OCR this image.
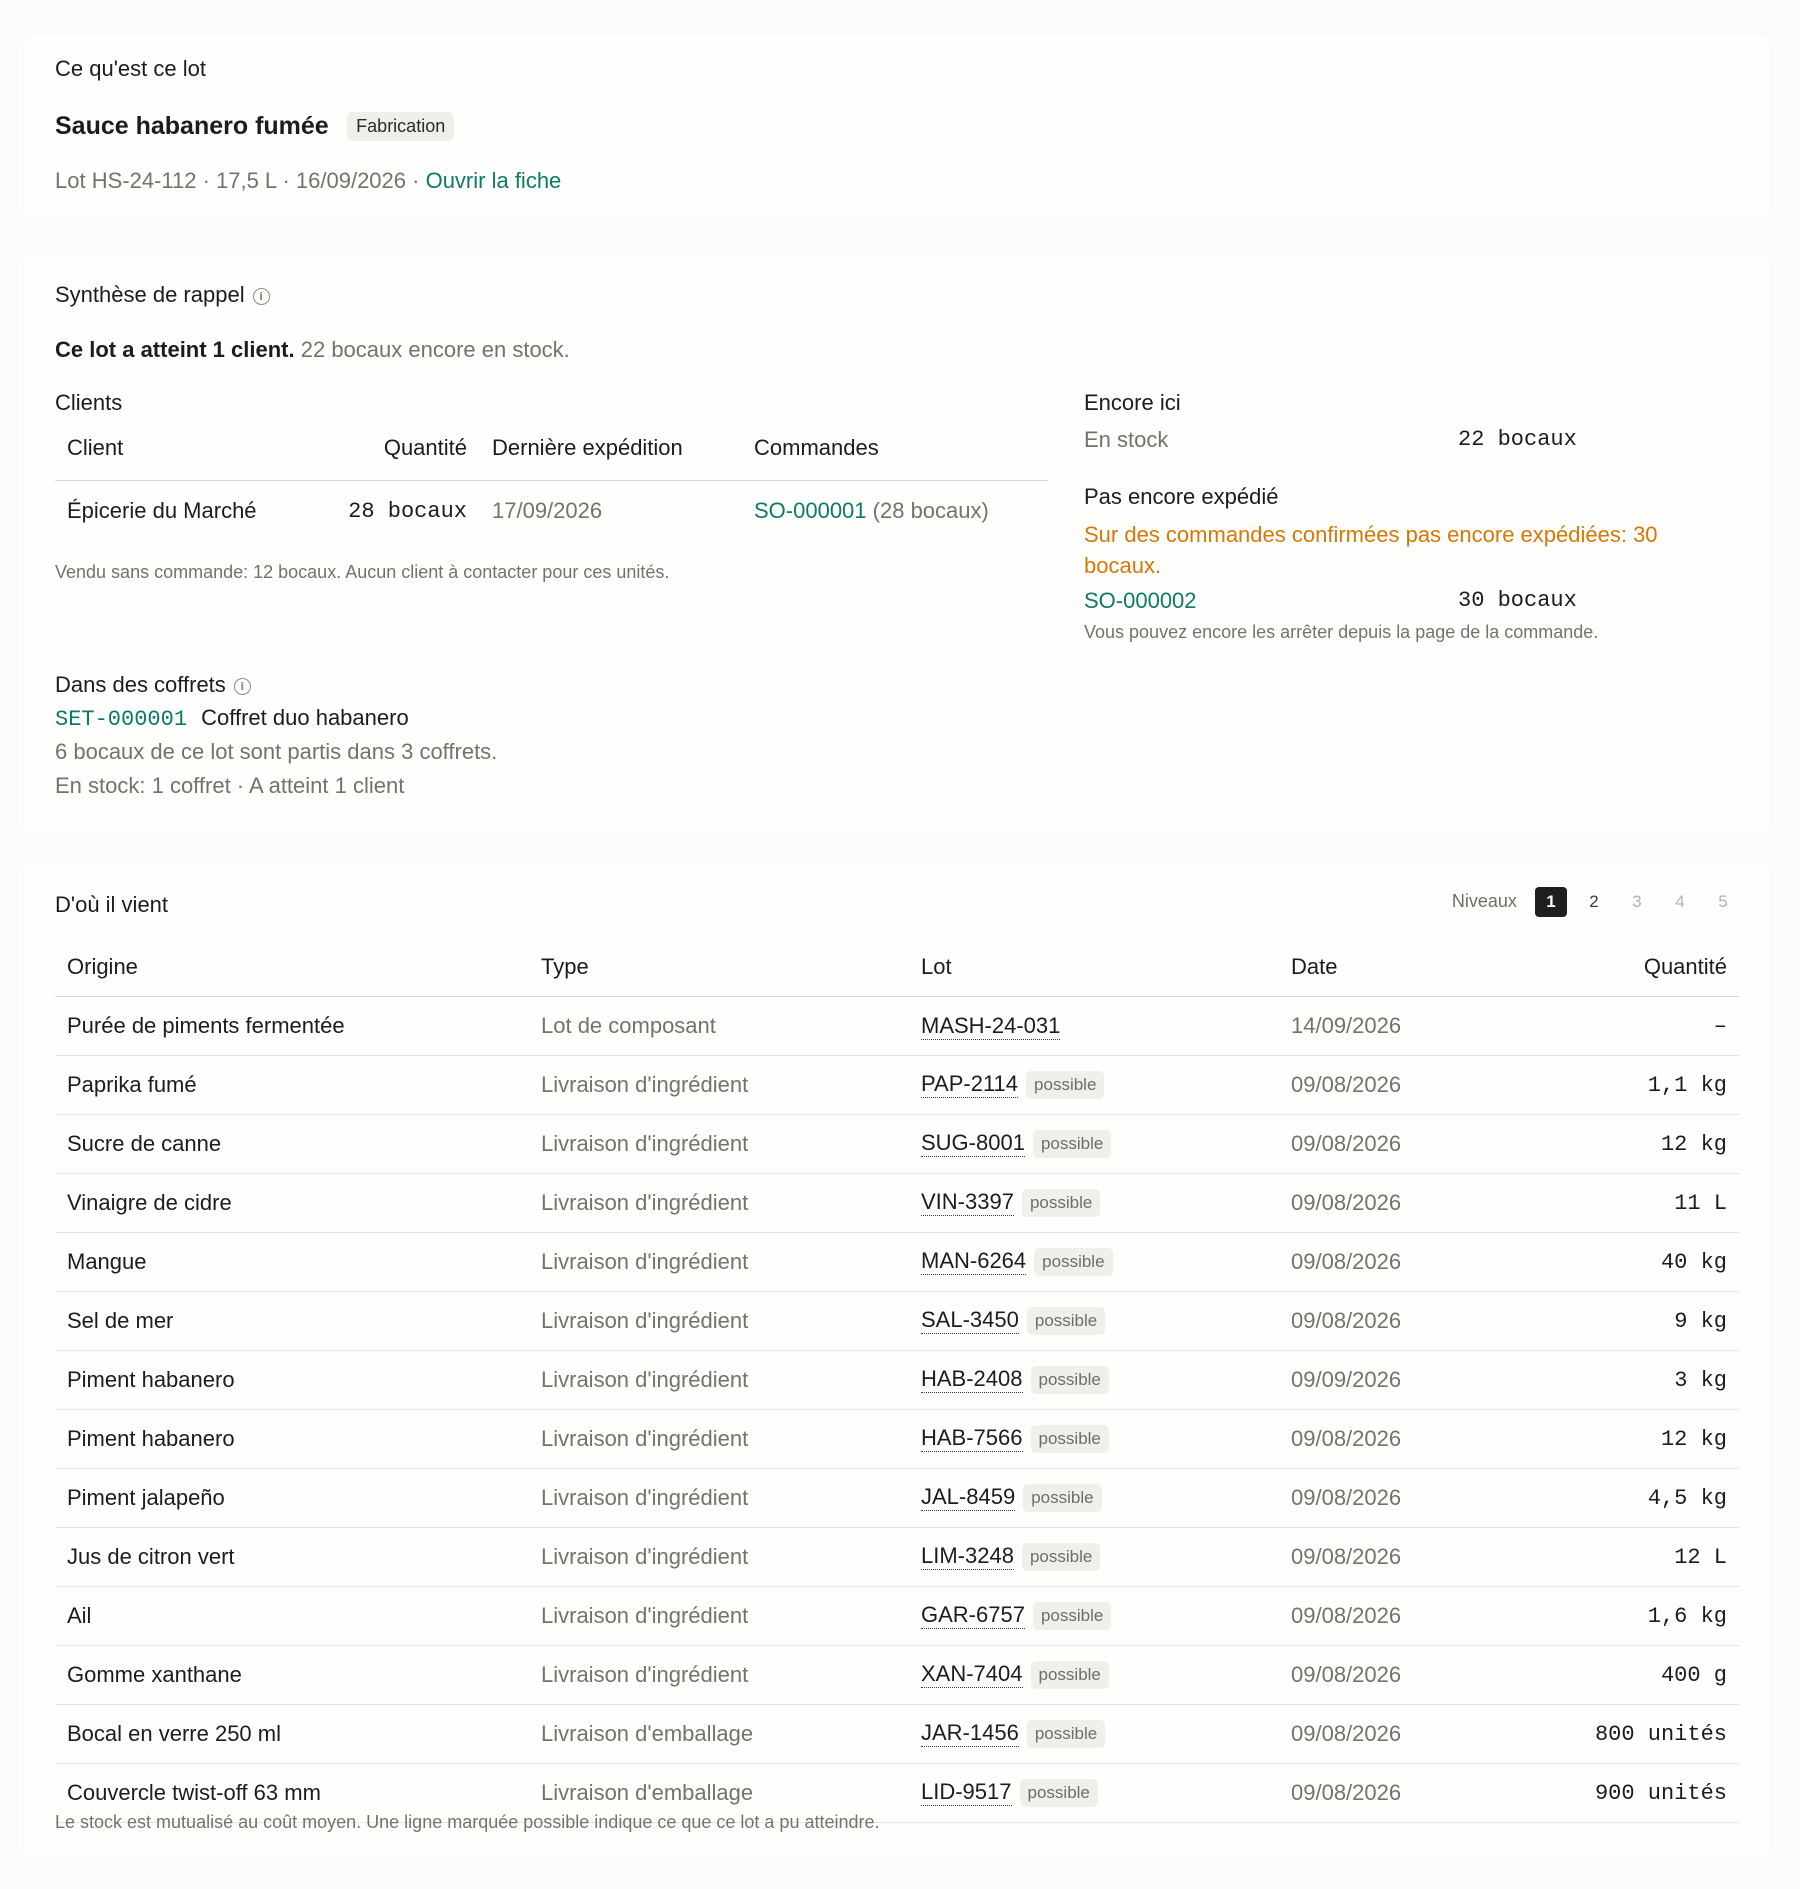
Ce qu'est ce lot
Sauce habanero fumée Fabrication
Lot HS-24-112 · 17,5 L · 16/09/2026 · Ouvrir la fiche
Synthèse de rappel i
Ce lot a atteint 1 client. 22 bocaux encore en stock.
Clients
Client	Quantité	Dernière expédition	Commandes
Épicerie du Marché	28 bocaux	17/09/2026	SO-000001 (28 bocaux)
Vendu sans commande: 12 bocaux. Aucun client à contacter pour ces unités.
Encore ici
En stock	22 bocaux
Pas encore expédié
Sur des commandes confirmées pas encore expédiées: 30 bocaux.
SO-000002	30 bocaux
Vous pouvez encore les arrêter depuis la page de la commande.
Dans des coffrets i
SET-000001 Coffret duo habanero
6 bocaux de ce lot sont partis dans 3 coffrets.
En stock: 1 coffret · A atteint 1 client
D'où il vient	Niveaux 1 2 3 4 5
Origine	Type	Lot	Date	Quantité
Purée de piments fermentée	Lot de composant	MASH-24-031	14/09/2026	–
Paprika fumé	Livraison d'ingrédient	PAP-2114 possible	09/08/2026	1,1 kg
Sucre de canne	Livraison d'ingrédient	SUG-8001 possible	09/08/2026	12 kg
Vinaigre de cidre	Livraison d'ingrédient	VIN-3397 possible	09/08/2026	11 L
Mangue	Livraison d'ingrédient	MAN-6264 possible	09/08/2026	40 kg
Sel de mer	Livraison d'ingrédient	SAL-3450 possible	09/08/2026	9 kg
Piment habanero	Livraison d'ingrédient	HAB-2408 possible	09/09/2026	3 kg
Piment habanero	Livraison d'ingrédient	HAB-7566 possible	09/08/2026	12 kg
Piment jalapeño	Livraison d'ingrédient	JAL-8459 possible	09/08/2026	4,5 kg
Jus de citron vert	Livraison d'ingrédient	LIM-3248 possible	09/08/2026	12 L
Ail	Livraison d'ingrédient	GAR-6757 possible	09/08/2026	1,6 kg
Gomme xanthane	Livraison d'ingrédient	XAN-7404 possible	09/08/2026	400 g
Bocal en verre 250 ml	Livraison d'emballage	JAR-1456 possible	09/08/2026	800 unités
Couvercle twist-off 63 mm	Livraison d'emballage	LID-9517 possible	09/08/2026	900 unités
Le stock est mutualisé au coût moyen. Une ligne marquée possible indique ce que ce lot a pu atteindre.
